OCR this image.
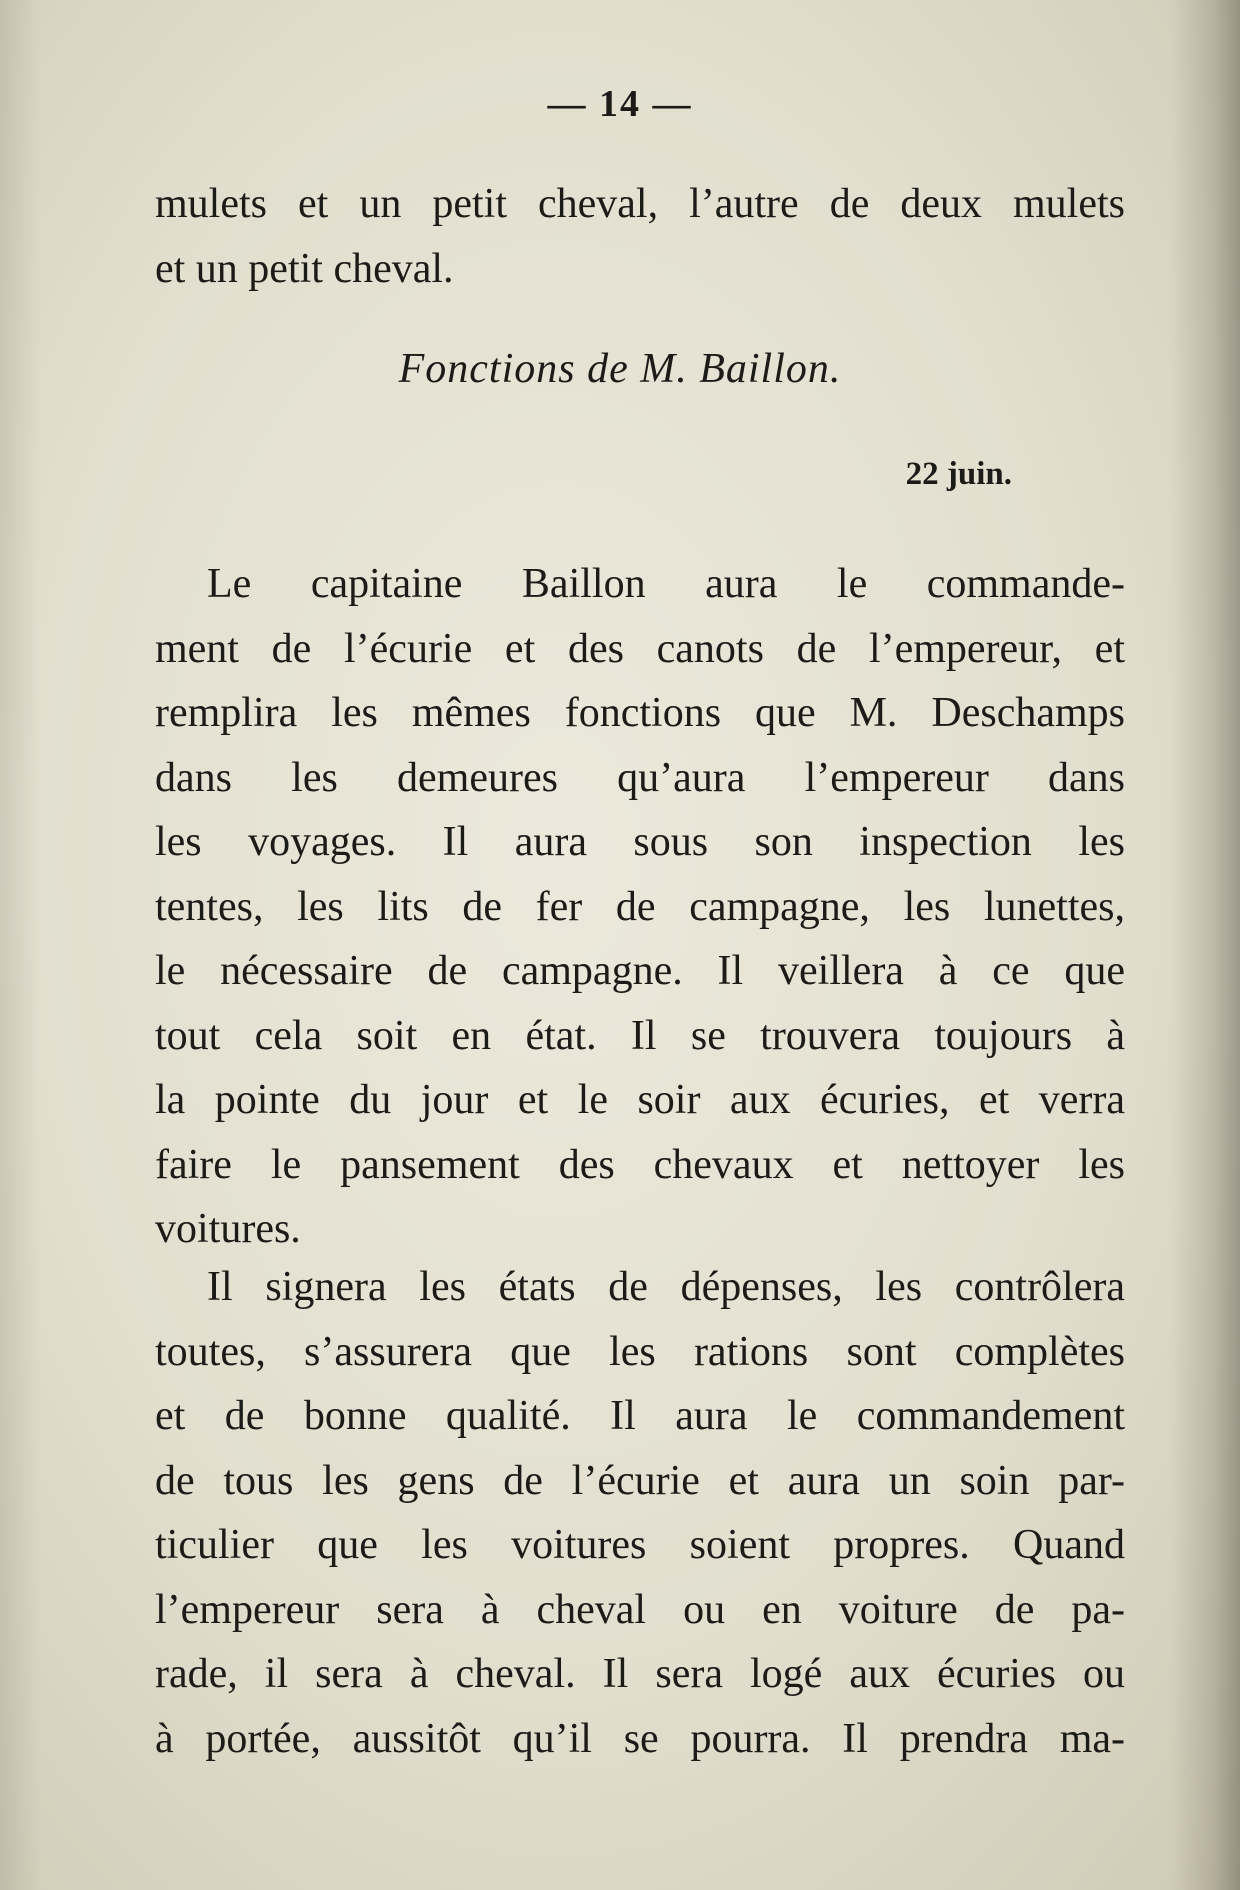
— 14 —
mulets et un petit cheval, l’autre de deux mulets
et un petit cheval.
Fonctions de M. Baillon.
22 juin.
Le capitaine Baillon aura le commande-
ment de l’écurie et des canots de l’empereur, et
remplira les mêmes fonctions que M. Deschamps
dans les demeures qu’aura l’empereur dans
les voyages. Il aura sous son inspection les
tentes, les lits de fer de campagne, les lunettes,
le nécessaire de campagne. Il veillera à ce que
tout cela soit en état. Il se trouvera toujours à
la pointe du jour et le soir aux écuries, et verra
faire le pansement des chevaux et nettoyer les
voitures.
Il signera les états de dépenses, les contrôlera
toutes, s’assurera que les rations sont complètes
et de bonne qualité. Il aura le commandement
de tous les gens de l’écurie et aura un soin par-
ticulier que les voitures soient propres. Quand
l’empereur sera à cheval ou en voiture de pa-
rade, il sera à cheval. Il sera logé aux écuries ou
à portée, aussitôt qu’il se pourra. Il prendra ma-
